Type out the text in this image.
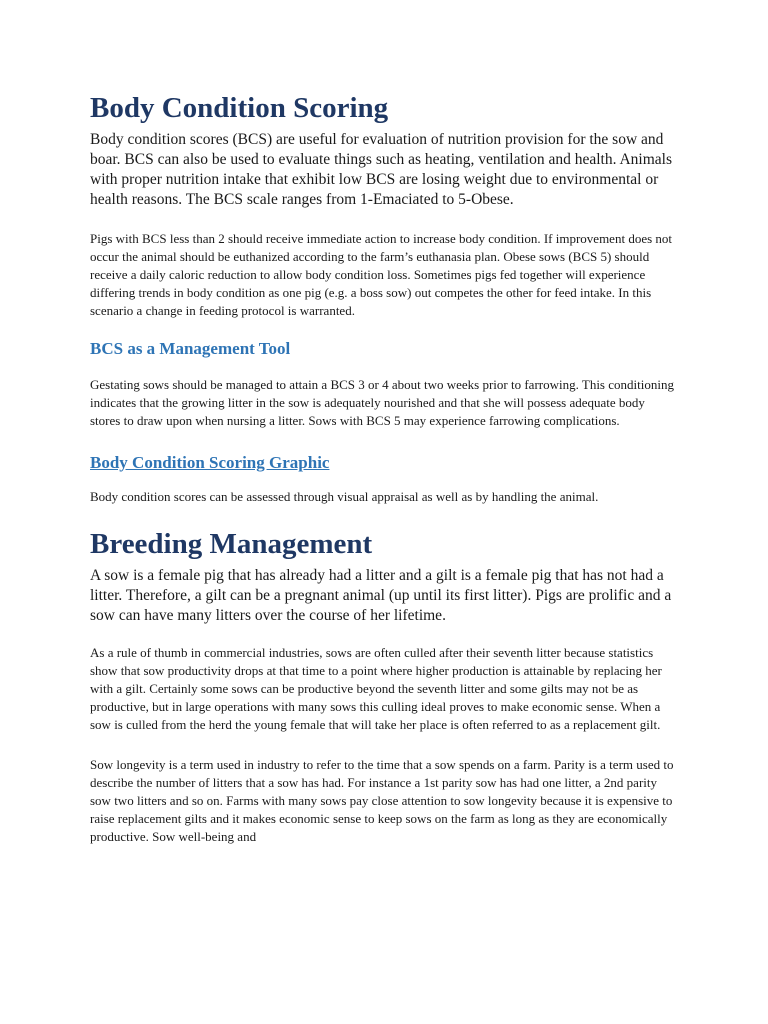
Body Condition Scoring

Body condition scores (BCS) are useful for evaluation of nutrition provision for the sow and boar. BCS can also be used to evaluate things such as heating, ventilation and health. Animals with proper nutrition intake that exhibit low BCS are losing weight due to environmental or health reasons. The BCS scale ranges from 1-Emaciated to 5-Obese.

Pigs with BCS less than 2 should receive immediate action to increase body condition. If improvement does not occur the animal should be euthanized according to the farm’s euthanasia plan. Obese sows (BCS 5) should receive a daily caloric reduction to allow body condition loss. Sometimes pigs fed together will experience differing trends in body condition as one pig (e.g. a boss sow) out competes the other for feed intake. In this scenario a change in feeding protocol is warranted.

BCS as a Management Tool

Gestating sows should be managed to attain a BCS 3 or 4 about two weeks prior to farrowing. This conditioning indicates that the growing litter in the sow is adequately nourished and that she will possess adequate body stores to draw upon when nursing a litter. Sows with BCS 5 may experience farrowing complications.

Body Condition Scoring Graphic

Body condition scores can be assessed through visual appraisal as well as by handling the animal.

Breeding Management

A sow is a female pig that has already had a litter and a gilt is a female pig that has not had a litter. Therefore, a gilt can be a pregnant animal (up until its first litter). Pigs are prolific and a sow can have many litters over the course of her lifetime.

As a rule of thumb in commercial industries, sows are often culled after their seventh litter because statistics show that sow productivity drops at that time to a point where higher production is attainable by replacing her with a gilt. Certainly some sows can be productive beyond the seventh litter and some gilts may not be as productive, but in large operations with many sows this culling ideal proves to make economic sense. When a sow is culled from the herd the young female that will take her place is often referred to as a replacement gilt.

Sow longevity is a term used in industry to refer to the time that a sow spends on a farm. Parity is a term used to describe the number of litters that a sow has had. For instance a 1st parity sow has had one litter, a 2nd parity sow two litters and so on. Farms with many sows pay close attention to sow longevity because it is expensive to raise replacement gilts and it makes economic sense to keep sows on the farm as long as they are economically productive. Sow well-being and
